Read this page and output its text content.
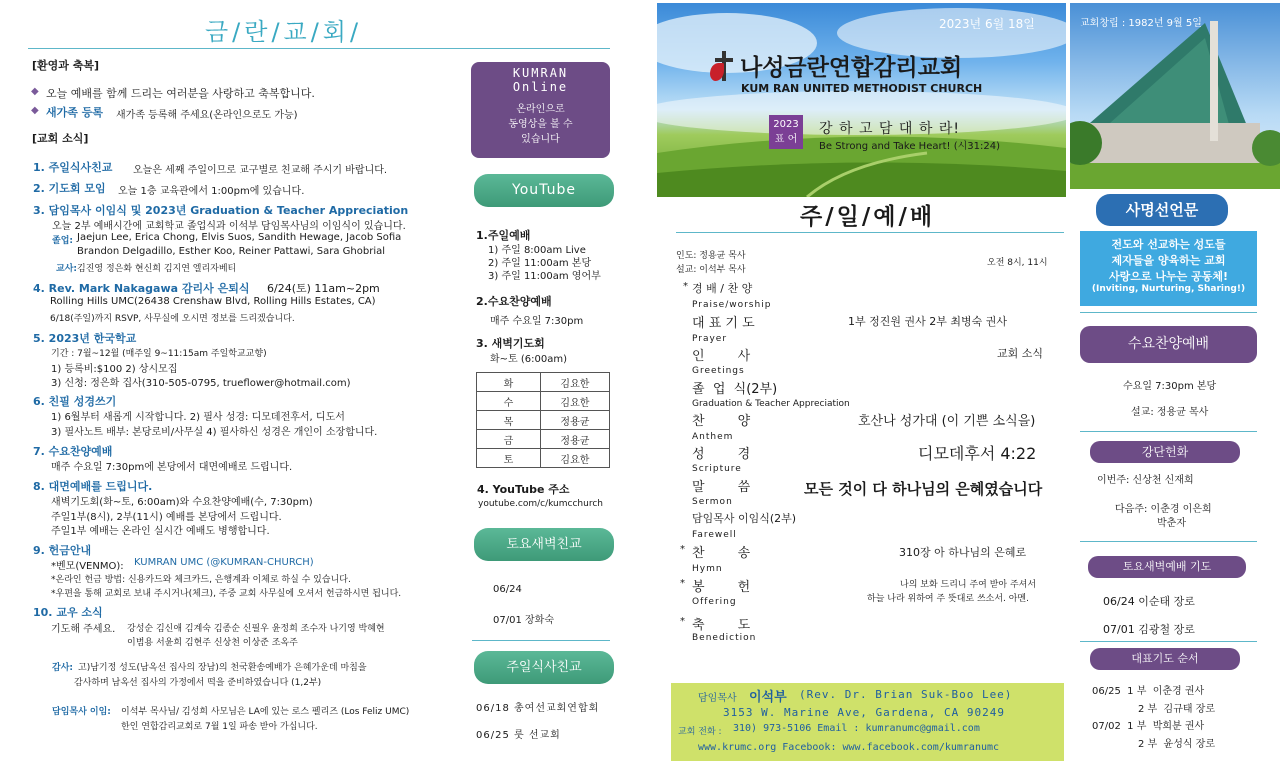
금/란/교/회/
[환영과 축복]
◆ 오늘 예배를 함께 드리는 여러분을 사랑하고 축복합니다.
◆ 새가족 등록 새가족 등록해 주세요(온라인으로도 가능)
[교회 소식]
1. 주일식사친교 오늘은 세째 주일이므로 교구별로 친교해 주시기 바랍니다.
2. 기도회 모임 오늘 1층 교육관에서 1:00pm에 있습니다.
3. 담임목사 이임식 및 2023년 Graduation & Teacher Appreciation
오늘 2부 예배시간에 교회학교 졸업식과 이석부 담임목사님의 이임식이 있습니다.
졸업: Jaejun Lee, Erica Chong, Elvis Suos, Sandith Hewage, Jacob Sofia
Brandon Delgadillo, Esther Koo, Reiner Pattawi, Sara Ghobrial
교사: 김진영 정은화 현신희 김지연 엘리자베티
4. Rev. Mark Nakagawa 감리사 은퇴식 6/24(토) 11am~2pm
Rolling Hills UMC(26438 Crenshaw Blvd, Rolling Hills Estates, CA)
6/18(주일)까지 RSVP, 사무실에 오시면 정보를 드리겠습니다.
5. 2023년 한국학교
기간 : 7월~12월 (매주일 9~11:15am 주일학교교향)
1) 등록비:$100 2) 상시모집
3) 신청: 정은화 집사(310-505-0795, trueflower@hotmail.com)
6. 친필 성경쓰기
1) 6월부터 새롭게 시작합니다. 2) 필사 성경: 디모데전후서, 디도서
3) 필사노트 배부: 본당로비/사무실 4) 필사하신 성경은 개인이 소장합니다.
7. 수요찬양예배
매주 수요일 7:30pm에 본당에서 대면예배로 드립니다.
8. 대면예배를 드립니다.
새벽기도회(화~토, 6:00am)와 수요찬양예배(수, 7:30pm)
주일1부(8시), 2부(11시) 예배를 본당에서 드립니다.
주일1부 예배는 온라인 실시간 예배도 병행합니다.
9. 헌금안내
*벤모(VENMO): KUMRAN UMC (@KUMRAN-CHURCH)
*온라인 헌금 방법: 신용카드와 체크카드, 은행계좌 이체로 하실 수 있습니다.
*우편을 통해 교회로 보내 주시거나(체크), 주중 교회 사무실에 오셔서 헌금하시면 됩니다.
10. 교우 소식
기도해 주세요. 강성순 김신애 김계숙 김종순 신필우 윤정희 조수자 나기영 박혜현
이범용 서윤희 김현주 신상천 이상준 조옥주
감사: 고)남기정 성도(남옥선 집사의 장남)의 천국환송예배가 은혜가운데 마침을
감사하며 남옥선 집사의 가정에서 떡을 준비하였습니다 (1,2부)
담임목사 이임: 이석부 목사님/ 김성희 사모님은 LA에 있는 로스 펠리즈 (Los Feliz UMC)
한인 연합감리교회로 7월 1일 파송 받아 가십니다.
KUMRAN
Online
온라인으로
동영상을 볼 수
있습니다
YouTube
1.주일예배
1) 주일 8:00am Live
2) 주일 11:00am 본당
3) 주일 11:00am 영어부
2.수요찬양예배
매주 수요일 7:30pm
3. 새벽기도회
화~토 (6:00am)
화	김요한
수	김요한
목	정용균
금	정용균
토	김요한
4. YouTube 주소
youtube.com/c/kumcchurch
토요새벽친교
06/24
07/01 장화숙
주일식사친교
06/18 총여선교회연합회
06/25 룻 선교회
2023년 6월 18일
나성금란연합감리교회
KUM RAN UNITED METHODIST CHURCH
2023
표 어
강 하 고 담 대 하 라!
Be Strong and Take Heart! (시31:24)
교회창립 : 1982년 9월 5일
주/일/예/배
인도: 정용균 목사
설교: 이석부 목사
오전 8시, 11시
* 경 배 / 찬 양
Praise/worship
대 표 기 도	1부 정진원 권사 2부 최병숙 권사
Prayer
인        사	교회 소식
Greetings
졸  업  식(2부)
Graduation & Teacher Appreciation
찬        양	호산나 성가대 (이 기쁜 소식을)
Anthem
성        경	디모데후서 4:22
Scripture
말        씀	모든 것이 다 하나님의 은혜였습니다
Sermon
담임목사 이임식(2부)
Farewell
* 찬        송	310장 아 하나님의 은혜로
Hymn
* 봉        헌	나의 보화 드리니 주여 받아 주셔서
하늘 나라 위하여 주 뜻대로 쓰소서. 아멘.
Offering
* 축        도
Benediction
담임목사 이석부 (Rev. Dr. Brian Suk-Boo Lee)
3153 W. Marine Ave, Gardena, CA 90249
교회 전화 : 310) 973-5106 Email : kumranumc@gmail.com
www.krumc.org Facebook: www.facebook.com/kumranumc
사명선언문
전도와 선교하는 성도들
제자들을 양육하는 교회
사랑으로 나누는 공동체!
(Inviting, Nurturing, Sharing!)
수요찬양예배
수요일 7:30pm 본당
설교: 정용균 목사
강단헌화
이번주: 신상천 신재희
다음주: 이춘경 이은희
박춘자
토요새벽예배 기도
06/24 이순태 장로
07/01 김광철 장로
대표기도 순서
06/25  1 부  이춘경 권사
2 부  김규태 장로
07/02  1 부  박희분 권사
2 부  윤성식 장로
